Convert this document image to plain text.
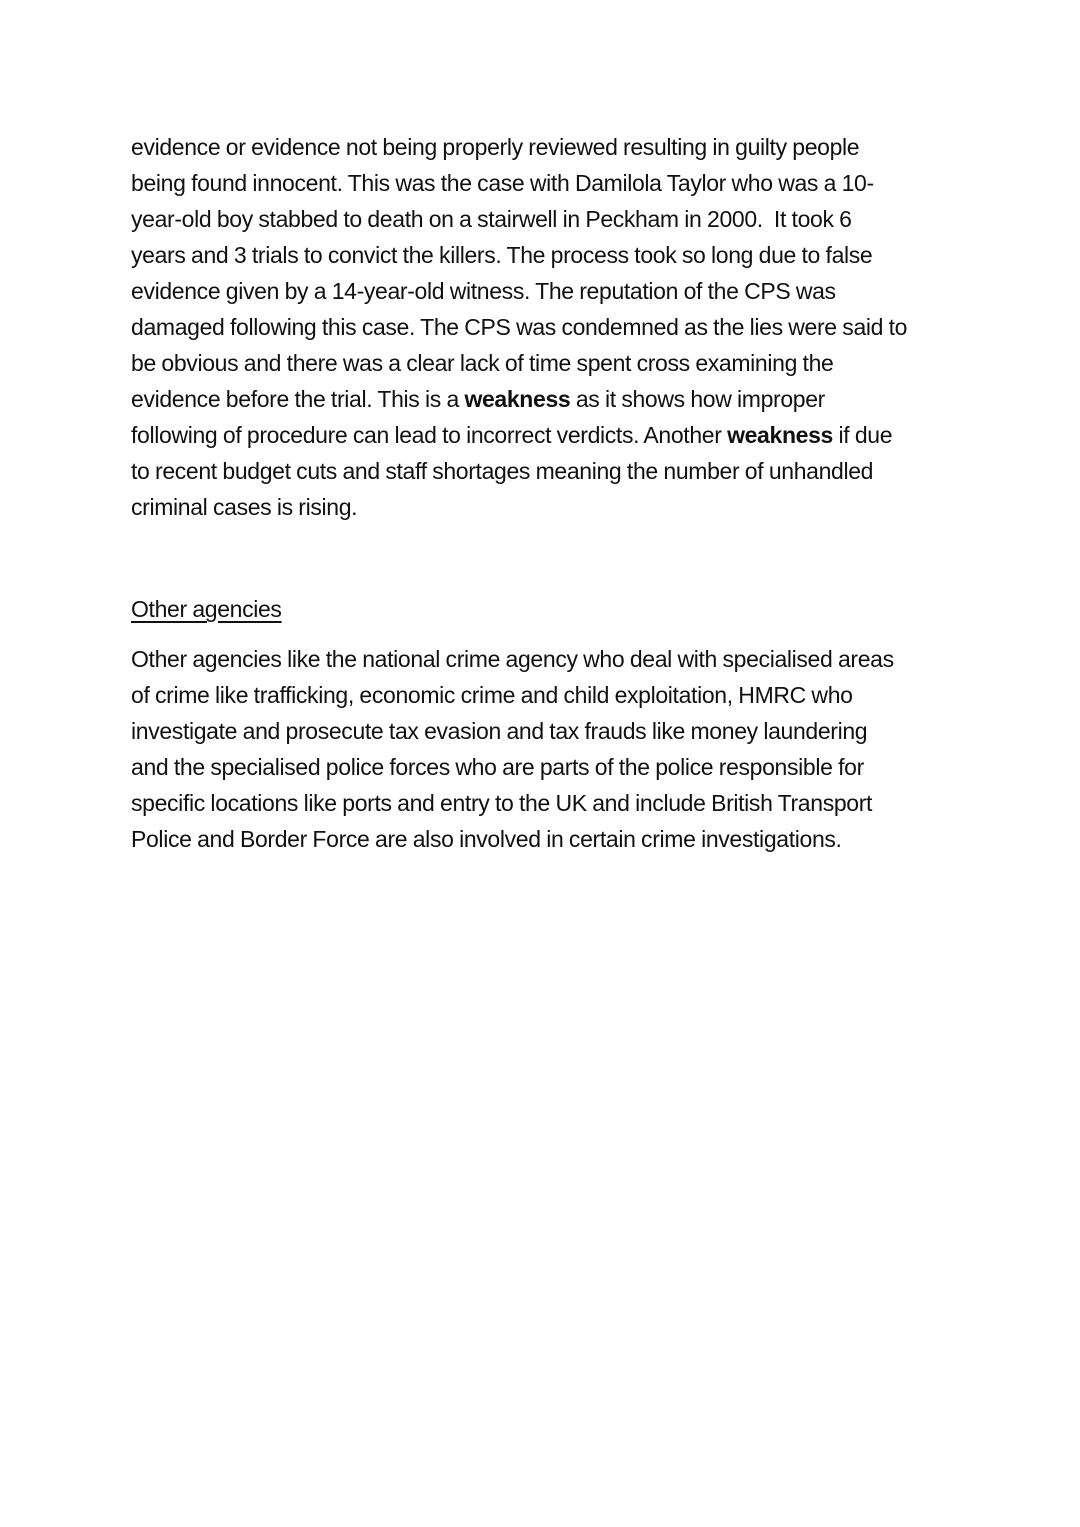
evidence or evidence not being properly reviewed resulting in guilty people
being found innocent. This was the case with Damilola Taylor who was a 10-
year-old boy stabbed to death on a stairwell in Peckham in 2000.  It took 6
years and 3 trials to convict the killers. The process took so long due to false
evidence given by a 14-year-old witness. The reputation of the CPS was
damaged following this case. The CPS was condemned as the lies were said to
be obvious and there was a clear lack of time spent cross examining the
evidence before the trial. This is a weakness as it shows how improper
following of procedure can lead to incorrect verdicts. Another weakness if due
to recent budget cuts and staff shortages meaning the number of unhandled
criminal cases is rising.
Other agencies
Other agencies like the national crime agency who deal with specialised areas
of crime like trafficking, economic crime and child exploitation, HMRC who
investigate and prosecute tax evasion and tax frauds like money laundering
and the specialised police forces who are parts of the police responsible for
specific locations like ports and entry to the UK and include British Transport
Police and Border Force are also involved in certain crime investigations.
